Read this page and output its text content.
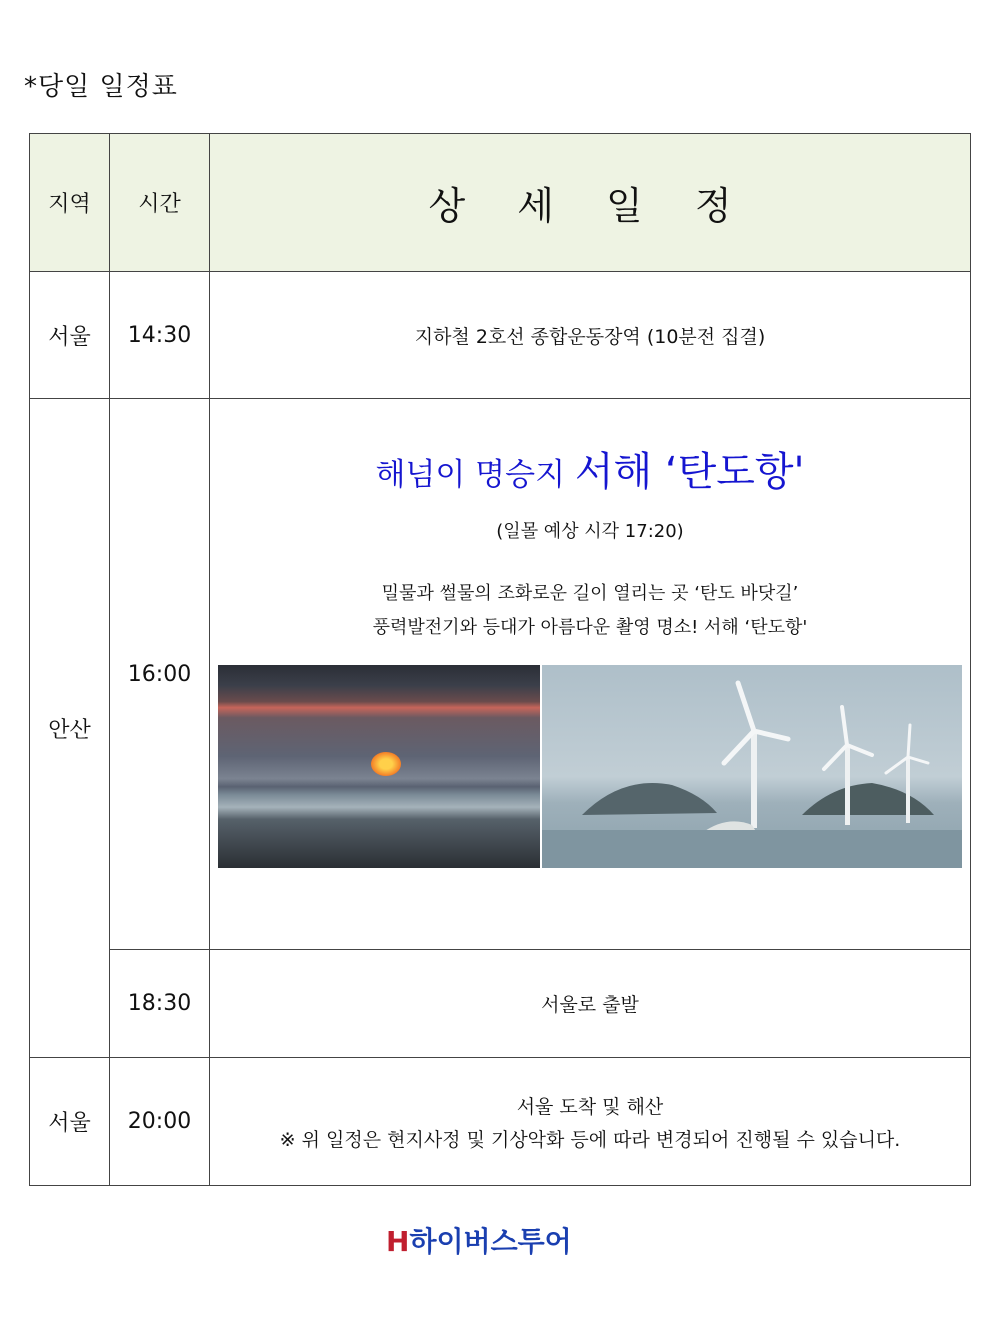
*당일 일정표
지역	시간	상 세 일 정
서울	14:30	지하철 2호선 종합운동장역 (10분전 집결)
안산	16:00	해넘이 명승지 서해 ‘탄도항'
(일몰 예상 시각 17:20)
밀물과 썰물의 조화로운 길이 열리는 곳 ‘탄도 바닷길’
풍력발전기와 등대가 아름다운 촬영 명소! 서해 ‘탄도항'

	18:30	서울로 출발
서울	20:00	서울 도착 및 해산
※ 위 일정은 현지사정 및 기상악화 등에 따라 변경되어 진행될 수 있습니다.
H하이버스투어
